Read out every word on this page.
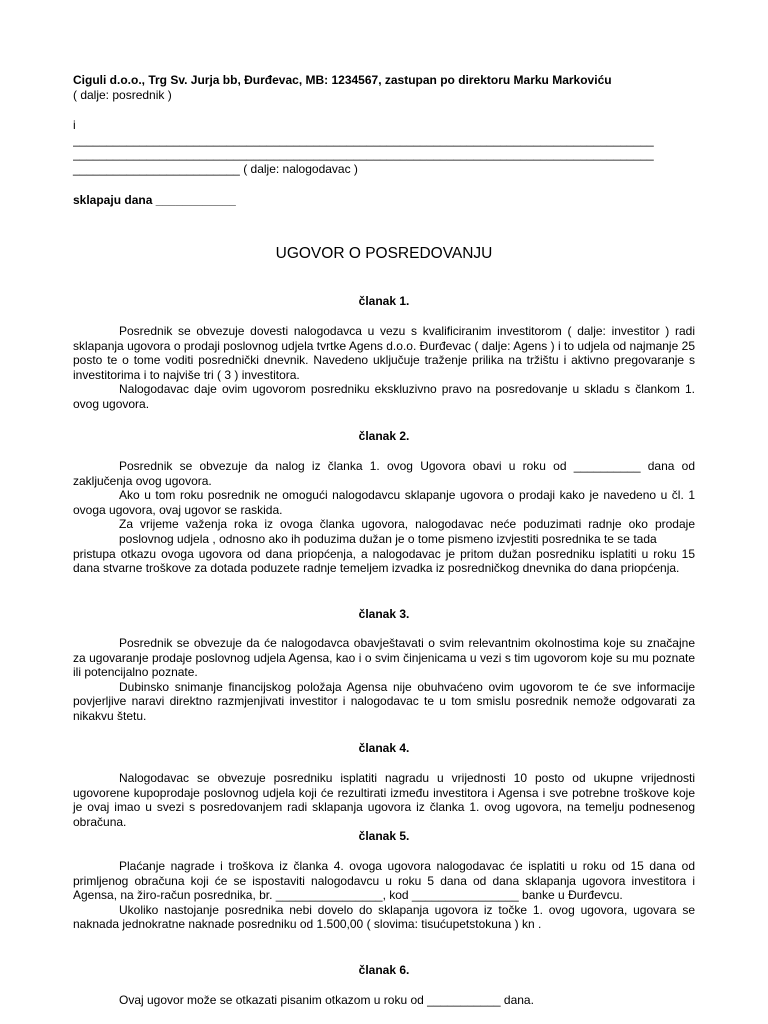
Ciguli d.o.o., Trg Sv. Jurja bb, Đurđevac, MB: 1234567, zastupan po direktoru Marku Markoviću
( dalje: posrednik )
i
_______________________________________________________________________________________
_______________________________________________________________________________________
_________________________ ( dalje: nalogodavac )
sklapaju dana ____________
UGOVOR O POSREDOVANJU
članak 1.

Posrednik se obvezuje dovesti nalogodavca u vezu s kvalificiranim investitorom ( dalje: investitor ) radi sklapanja ugovora o prodaji poslovnog udjela tvrtke Agens d.o.o. Đurđevac ( dalje: Agens ) i to udjela od najmanje 25 posto te o tome voditi posrednički dnevnik. Navedeno uključuje traženje prilika na tržištu i aktivno pregovaranje s investitorima i to najviše tri ( 3 ) investitora.

Nalogodavac daje ovim ugovorom posredniku ekskluzivno pravo na posredovanje u skladu s člankom 1. ovog ugovora.

članak 2.

Posrednik se obvezuje da nalog iz članka 1. ovog Ugovora obavi u roku od __________ dana od zaključenja ovog ugovora.

Ako u tom roku posrednik ne omogući nalogodavcu sklapanje ugovora o prodaji kako je navedeno u čl. 1 ovoga ugovora, ovaj ugovor se raskida.

Za vrijeme važenja roka iz ovoga članka ugovora, nalogodavac neće poduzimati radnje oko prodaje poslovnog udjela , odnosno ako ih poduzima dužan je o tome pismeno izvjestiti posrednika te se tada

pristupa otkazu ovoga ugovora od dana priopćenja, a nalogodavac je pritom dužan posredniku isplatiti u roku 15 dana stvarne troškove za dotada poduzete radnje temeljem izvadka iz posredničkog dnevnika do dana priopćenja.

članak 3.

Posrednik se obvezuje da će nalogodavca obavještavati o svim relevantnim okolnostima koje su značajne za ugovaranje prodaje poslovnog udjela Agensa, kao i o svim činjenicama u vezi s tim ugovorom koje su mu poznate ili potencijalno poznate.

Dubinsko snimanje financijskog položaja Agensa nije obuhvaćeno ovim ugovorom te će sve informacije povjerljive naravi direktno razmjenjivati investitor i nalogodavac te u tom smislu posrednik nemože odgovarati za nikakvu štetu.

članak 4.

Nalogodavac se obvezuje posredniku isplatiti nagradu u vrijednosti 10 posto od ukupne vrijednosti ugovorene kupoprodaje poslovnog udjela koji će rezultirati između investitora i Agensa i sve potrebne troškove koje je ovaj imao u svezi s posredovanjem radi sklapanja ugovora iz članka 1. ovog ugovora, na temelju podnesenog obračuna.

članak 5.

Plaćanje nagrade i troškova iz članka 4. ovoga ugovora nalogodavac će isplatiti u roku od 15 dana od primljenog obračuna koji će se ispostaviti nalogodavcu u roku 5 dana od dana sklapanja ugovora investitora i Agensa, na žiro-račun posrednika, br. ________________, kod ________________ banke u Đurđevcu.

Ukoliko nastojanje posrednika nebi dovelo do sklapanja ugovora iz točke 1. ovog ugovora, ugovara se naknada jednokratne naknade posredniku od 1.500,00 ( slovima: tisućupetstokuna ) kn .

članak 6.

Ovaj ugovor može se otkazati pisanim otkazom u roku od ___________ dana.
